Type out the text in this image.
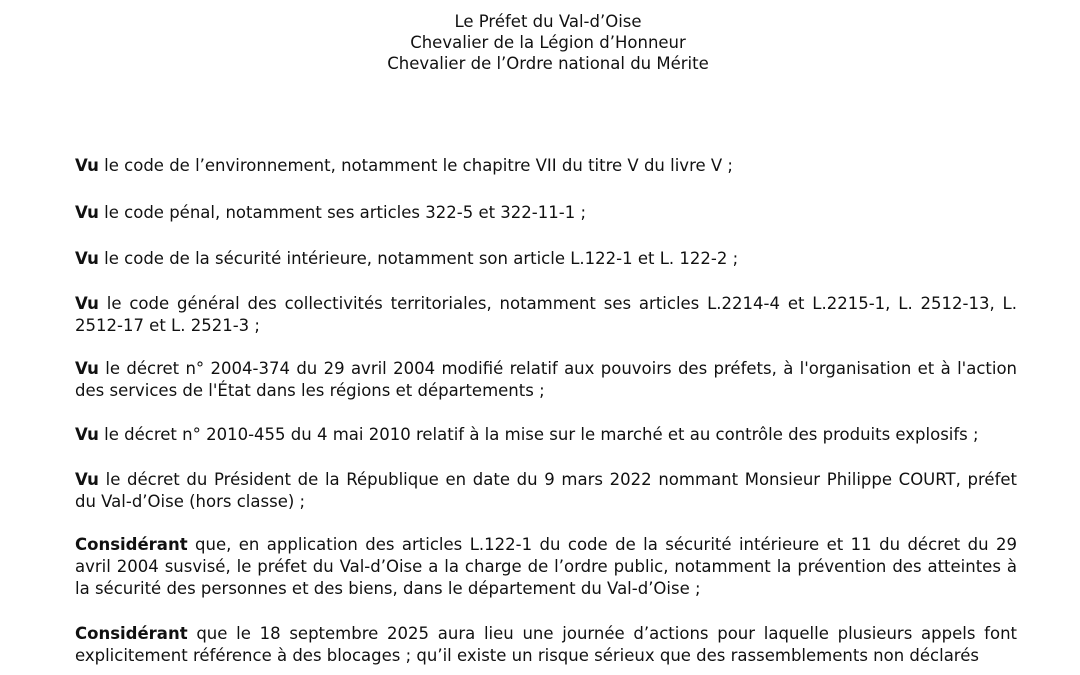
Le Préfet du Val-d’Oise
Chevalier de la Légion d’Honneur
Chevalier de l’Ordre national du Mérite
Vu le code de l’environnement, notamment le chapitre VII du titre V du livre V ;
Vu le code pénal, notamment ses articles 322-5 et 322-11-1 ;
Vu le code de la sécurité intérieure, notamment son article L.122-1 et L. 122-2 ;
Vu le code général des collectivités territoriales, notamment ses articles L.2214-4 et L.2215-1, L. 2512-13, L. 2512-17 et L. 2521-3 ;
Vu le décret n° 2004-374 du 29 avril 2004 modifié relatif aux pouvoirs des préfets, à l'organisation et à l'action des services de l'État dans les régions et départements ;
Vu le décret n° 2010-455 du 4 mai 2010 relatif à la mise sur le marché et au contrôle des produits explosifs ;
Vu le décret du Président de la République en date du 9 mars 2022 nommant Monsieur Philippe COURT, préfet du Val-d’Oise (hors classe) ;
Considérant que, en application des articles L.122-1 du code de la sécurité intérieure et 11 du décret du 29 avril 2004 susvisé, le préfet du Val-d’Oise a la charge de l’ordre public, notamment la prévention des atteintes à la sécurité des personnes et des biens, dans le département du Val-d’Oise ;
Considérant que le 18 septembre 2025 aura lieu une journée d’actions pour laquelle plusieurs appels font explicitement référence à des blocages ; qu’il existe un risque sérieux que des rassemblements non déclarés
